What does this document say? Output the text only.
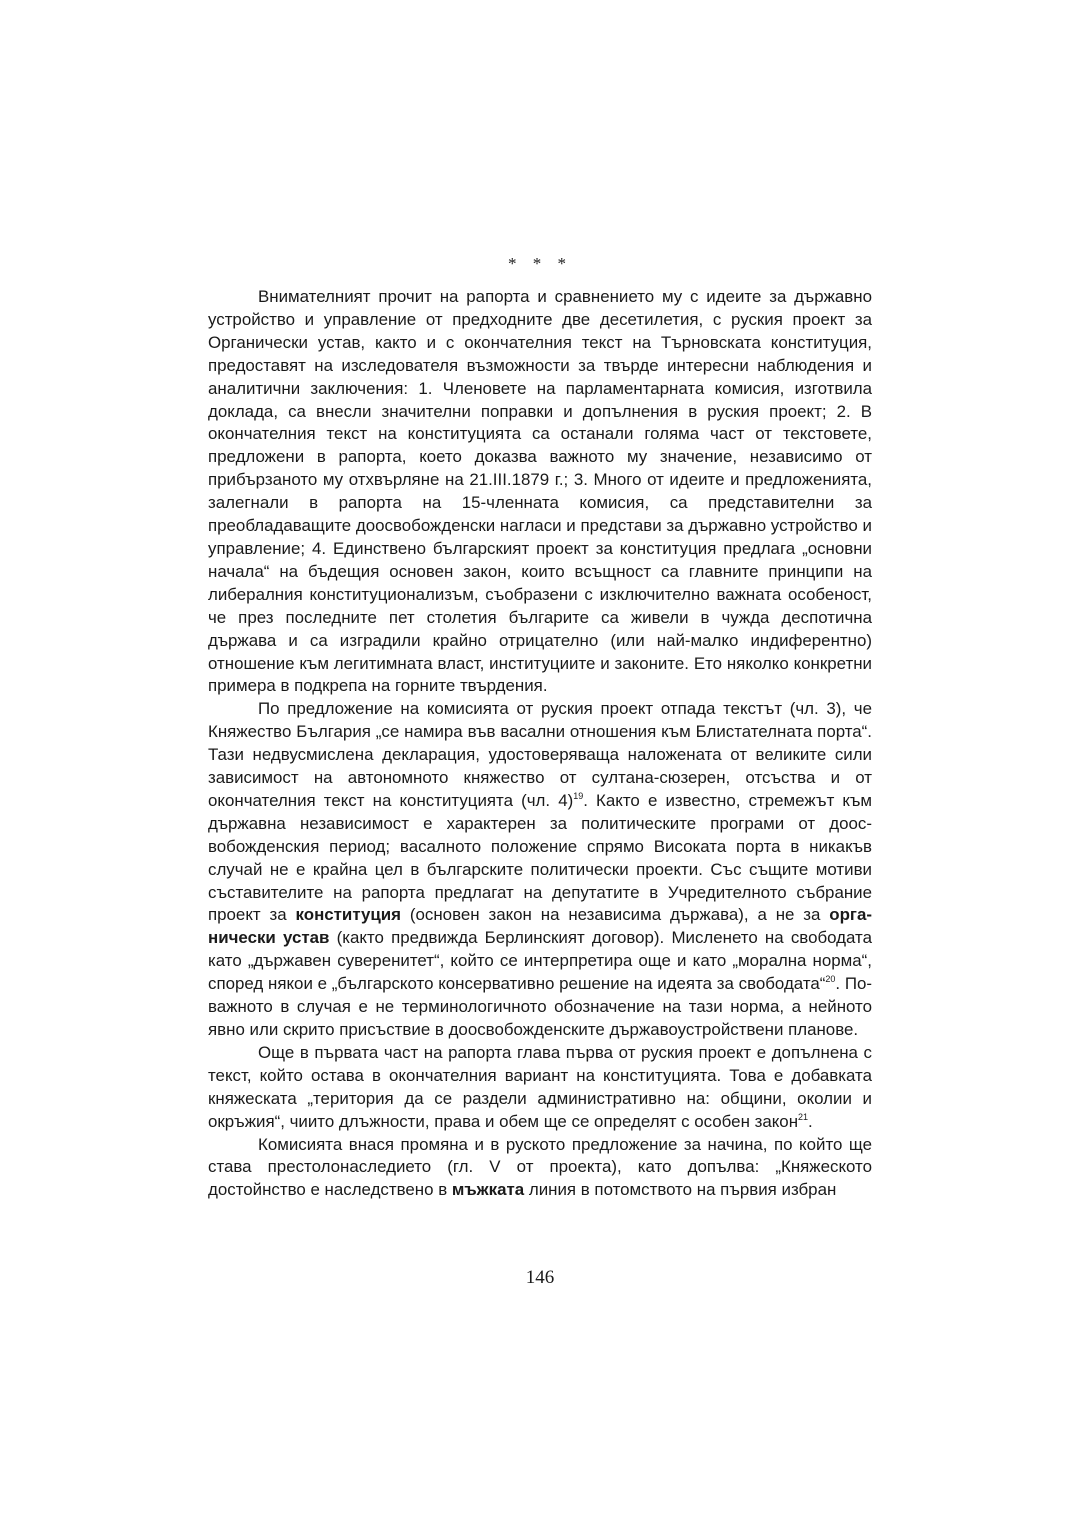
* * *

Внимателният прочит на рапорта и сравнението му с идеите за държавно устройство и управление от предходните две десетилетия, с руския проект за Органически устав, както и с окончателния текст на Търновската конституция, предоставят на изследователя възможности за твърде интересни наблюдения и аналитични заключения: 1. Членовете на парламентарната комисия, изготвила доклада, са внесли значителни поправки и допълнения в руския проект; 2. В окончателния текст на конституцията са останали голяма част от текстовете, предложени в рапорта, което доказва важното му значение, независимо от прибързаното му отхвърляне на 21.III.1879 г.; 3. Много от идеите и предложенията, залегнали в рапорта на 15-членната комисия, са представителни за преобладаващите доосвобожденски нагласи и представи за държавно устройство и управление; 4. Единствено българският проект за конституция предлага „основни начала“ на бъдещия основен закон, които всъщност са главните принципи на либералния конституционализъм, съобразени с изключително важната особеност, че през последните пет столетия българите са живели в чужда деспотична държава и са изградили крайно отрицателно (или най-малко индиферентно) отношение към легитимната власт, институциите и законите. Ето няколко конкретни примера в подкрепа на горните твърдения.

По предложение на комисията от руския проект отпада текстът (чл. 3), че Княжество България „се намира във васални отношения към Блистателната порта“. Тази недвусмислена декларация, удостоверяваща наложената от великите сили зависимост на автономното княжество от султана-сюзерен, отсъства и от окончателния текст на конституцията (чл. 4)$^{19}$. Както е известно, стремежът към държавна независимост е характерен за политическите програми от доосвобожденския период; васалното положение спрямо Високата порта в никакъв случай не е крайна цел в българските политически проекти. Със същите мотиви съставителите на рапорта предлагат на депутатите в Учредителното събрание проект за конституция (основен закон на независима държава), а не за органически устав (както предвижда Берлинският договор). Мисленето на свободата като „държавен суверенитет“, който се интерпретира още и като „морална норма“, според някои е „българското консервативно решение на идеята за свободата“$^{20}$. По-важното в случая е не терминологичното обозначение на тази норма, а нейното явно или скрито присъствие в доосвобожденските държавоустройствени планове.

Още в първата част на рапорта глава първа от руския проект е допълнена с текст, който остава в окончателния вариант на конституцията. Това е добавката княжеската „територия да се раздели административно на: общини, околии и окръжия“, чиито длъжности, права и обем ще се определят с особен закон$^{21}$.

Комисията внася промяна и в руското предложение за начина, по който ще става престолонаследието (гл. V от проекта), като допълва: „Княжеското достойнство е наследствено в мъжката линия в потомството на първия избран

146
